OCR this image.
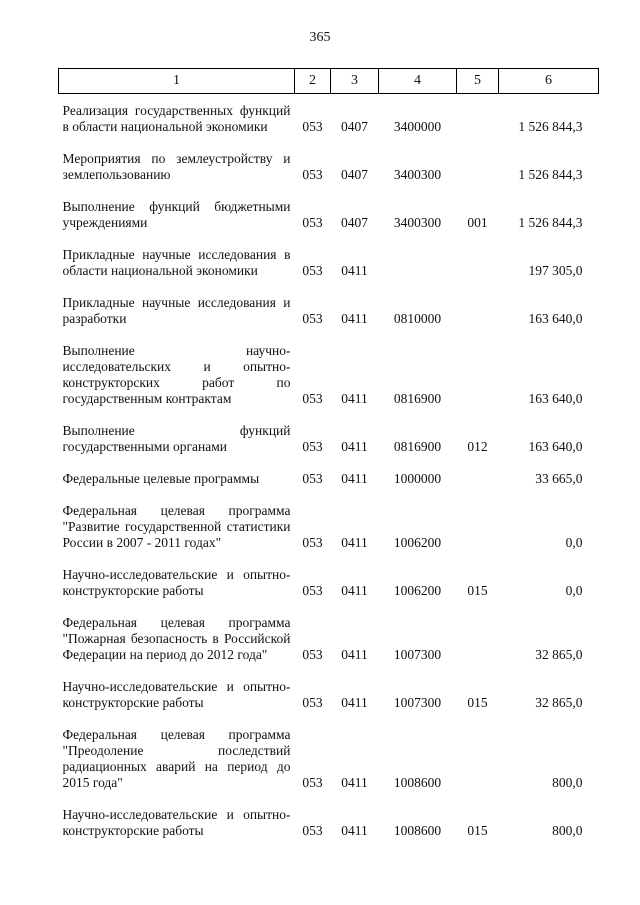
365
1	2	3	4	5	6
Реализация государственных функций в области национальной экономики	053	0407	3400000		1 526 844,3
Мероприятия по землеустройству и землепользованию	053	0407	3400300		1 526 844,3
Выполнение функций бюджетными учреждениями	053	0407	3400300	001	1 526 844,3
Прикладные научные исследования в области национальной экономики	053	0411			197 305,0
Прикладные научные исследования и разработки	053	0411	0810000		163 640,0
Выполнение научно-исследовательских и опытно-конструкторских работ по государственным контрактам	053	0411	0816900		163 640,0
Выполнение функций государственными органами	053	0411	0816900	012	163 640,0
Федеральные целевые программы	053	0411	1000000		33 665,0
Федеральная целевая программа "Развитие государственной статистики России в 2007 - 2011 годах"	053	0411	1006200		0,0
Научно-исследовательские и опытно-конструкторские работы	053	0411	1006200	015	0,0
Федеральная целевая программа "Пожарная безопасность в Российской Федерации на период до 2012 года"	053	0411	1007300		32 865,0
Научно-исследовательские и опытно-конструкторские работы	053	0411	1007300	015	32 865,0
Федеральная целевая программа "Преодоление последствий радиационных аварий на период до 2015 года"	053	0411	1008600		800,0
Научно-исследовательские и опытно-конструкторские работы	053	0411	1008600	015	800,0
